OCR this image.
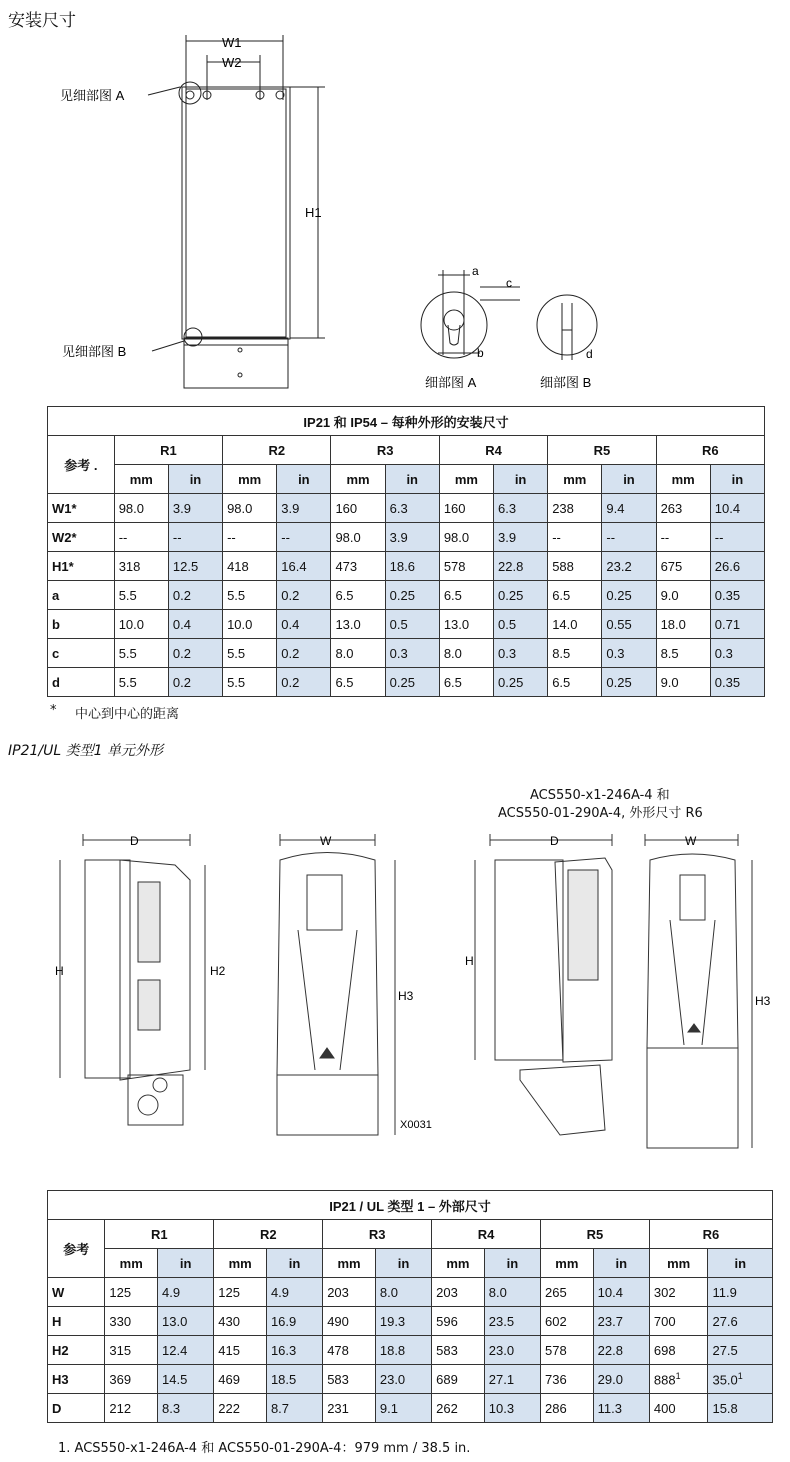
安装尺寸
W1
W2
H1
见细部图 A
见细部图 B
a
c
b	d
细部图 A	细部图 B
IP21 和 IP54 – 每种外形的安装尺寸												
参考 .	R1		R2		R3		R4		R5		R6	
	mm	in	mm	in	mm	in	mm	in	mm	in	mm	in
W1*	98.0	3.9	98.0	3.9	160	6.3	160	6.3	238	9.4	263	10.4
W2*	--	--	--	--	98.0	3.9	98.0	3.9	--	--	--	--
H1*	318	12.5	418	16.4	473	18.6	578	22.8	588	23.2	675	26.6
a	5.5	0.2	5.5	0.2	6.5	0.25	6.5	0.25	6.5	0.25	9.0	0.35
b	10.0	0.4	10.0	0.4	13.0	0.5	13.0	0.5	14.0	0.55	18.0	0.71
c	5.5	0.2	5.5	0.2	8.0	0.3	8.0	0.3	8.5	0.3	8.5	0.3
d	5.5	0.2	5.5	0.2	6.5	0.25	6.5	0.25	6.5	0.25	9.0	0.35
* 中心到中心的距离
IP21/UL 类型1 单元外形
ACS550-x1-246A-4 和
ACS550-01-290A-4, 外形尺寸 R6
D	W	D	W
H	H2
H3
H
H3
X0031
IP21 / UL 类型 1 – 外部尺寸												
参考	R1		R2		R3		R4		R5		R6	
	mm	in	mm	in	mm	in	mm	in	mm	in	mm	in
W	125	4.9	125	4.9	203	8.0	203	8.0	265	10.4	302	11.9
H	330	13.0	430	16.9	490	19.3	596	23.5	602	23.7	700	27.6
H2	315	12.4	415	16.3	478	18.8	583	23.0	578	22.8	698	27.5
H3	369	14.5	469	18.5	583	23.0	689	27.1	736	29.0	$888^1$	35.0$^1$
D	212	8.3	222	8.7	231	9.1	262	10.3	286	11.3	400	15.8
1. ACS550-x1-246A-4 和 ACS550-01-290A-4：979 mm / 38.5 in.
